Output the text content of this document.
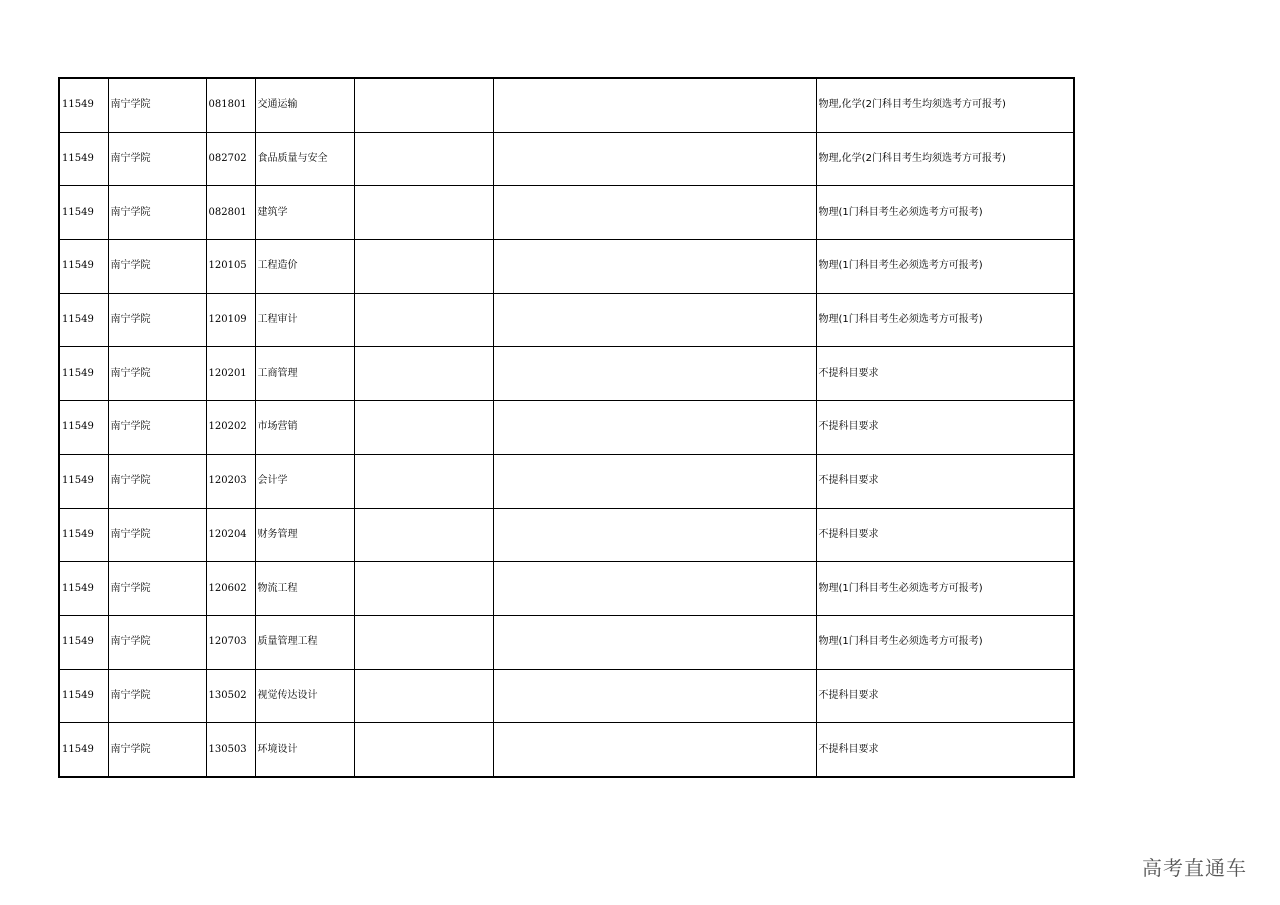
11549	南宁学院	081801	交通运输			物理,化学(2门科目考生均须选考方可报考)
11549	南宁学院	082702	食品质量与安全			物理,化学(2门科目考生均须选考方可报考)
11549	南宁学院	082801	建筑学			物理(1门科目考生必须选考方可报考)
11549	南宁学院	120105	工程造价			物理(1门科目考生必须选考方可报考)
11549	南宁学院	120109	工程审计			物理(1门科目考生必须选考方可报考)
11549	南宁学院	120201	工商管理			不提科目要求
11549	南宁学院	120202	市场营销			不提科目要求
11549	南宁学院	120203	会计学			不提科目要求
11549	南宁学院	120204	财务管理			不提科目要求
11549	南宁学院	120602	物流工程			物理(1门科目考生必须选考方可报考)
11549	南宁学院	120703	质量管理工程			物理(1门科目考生必须选考方可报考)
11549	南宁学院	130502	视觉传达设计			不提科目要求
11549	南宁学院	130503	环境设计			不提科目要求
高考直通车
